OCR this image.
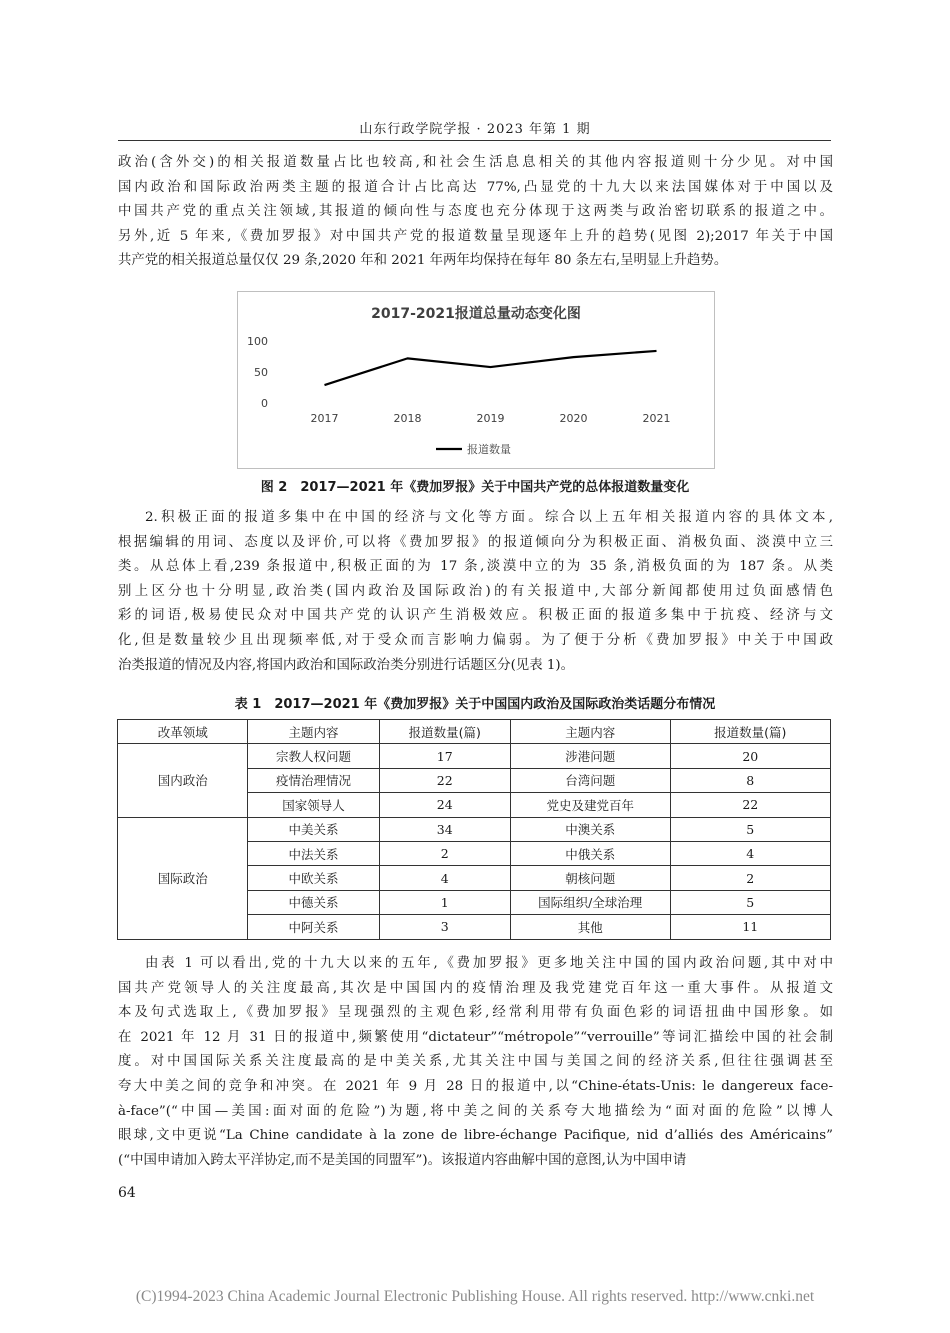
山东行政学院学报 · 2023 年第 1 期
政治(含外交)的相关报道数量占比也较高,和社会生活息息相关的其他内容报道则十分少见。对中国
国内政治和国际政治两类主题的报道合计占比高达 77%,凸显党的十九大以来法国媒体对于中国以及
中国共产党的重点关注领域,其报道的倾向性与态度也充分体现于这两类与政治密切联系的报道之中。
另外,近 5 年来,《费加罗报》对中国共产党的报道数量呈现逐年上升的趋势(见图 2);2017 年关于中国
共产党的相关报道总量仅仅 29 条,2020 年和 2021 年两年均保持在每年 80 条左右,呈明显上升趋势。
2017-2021报道总量动态变化图
100
50
0
2017	2018	2019	2020	2021
报道数量
图 2　2017—2021 年《费加罗报》关于中国共产党的总体报道数量变化
2.积极正面的报道多集中在中国的经济与文化等方面。综合以上五年相关报道内容的具体文本,
根据编辑的用词、态度以及评价,可以将《费加罗报》的报道倾向分为积极正面、消极负面、淡漠中立三
类。从总体上看,239 条报道中,积极正面的为 17 条,淡漠中立的为 35 条,消极负面的为 187 条。从类
别上区分也十分明显,政治类(国内政治及国际政治)的有关报道中,大部分新闻都使用过负面感情色
彩的词语,极易使民众对中国共产党的认识产生消极效应。积极正面的报道多集中于抗疫、经济与文
化,但是数量较少且出现频率低,对于受众而言影响力偏弱。为了便于分析《费加罗报》中关于中国政
治类报道的情况及内容,将国内政治和国际政治类分别进行话题区分(见表 1)。
表 1　2017—2021 年《费加罗报》关于中国国内政治及国际政治类话题分布情况
改革领域	主题内容	报道数量(篇)	主题内容	报道数量(篇)
国内政治	宗教人权问题	17	涉港问题	20
	疫情治理情况	22	台湾问题	8
	国家领导人	24	党史及建党百年	22
国际政治	中美关系	34	中澳关系	5
	中法关系	2	中俄关系	4
	中欧关系	4	朝核问题	2
	中德关系	1	国际组织/全球治理	5
	中阿关系	3	其他	11
由表 1 可以看出,党的十九大以来的五年,《费加罗报》更多地关注中国的国内政治问题,其中对中
国共产党领导人的关注度最高,其次是中国国内的疫情治理及我党建党百年这一重大事件。从报道文
本及句式选取上,《费加罗报》呈现强烈的主观色彩,经常利用带有负面色彩的词语扭曲中国形象。如
在 2021 年 12 月 31 日的报道中,频繁使用“dictateur”“métropole”“verrouille”等词汇描绘中国的社会制
度。对中国国际关系关注度最高的是中美关系,尤其关注中国与美国之间的经济关系,但往往强调甚至
夸大中美之间的竞争和冲突。在 2021 年 9 月 28 日的报道中,以“Chine-états-Unis: le dangereux face-
à-face”(“中国—美国:面对面的危险”)为题,将中美之间的关系夸大地描绘为“面对面的危险”以博人
眼球,文中更说“La Chine candidate à la zone de libre-échange Pacifique, nid d’alliés des Américains”
(“中国申请加入跨太平洋协定,而不是美国的同盟军”)。该报道内容曲解中国的意图,认为中国申请
64
(C)1994-2023 China Academic Journal Electronic Publishing House. All rights reserved. http://www.cnki.net
